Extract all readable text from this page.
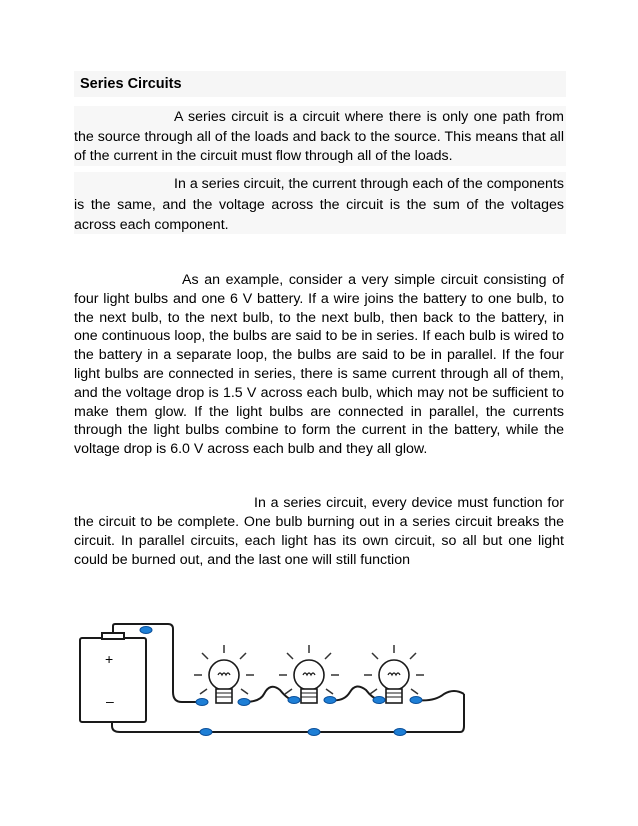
Series Circuits

A series circuit is a circuit where there is only one path from the source through all of the loads and back to the source. This means that all of the current in the circuit must flow through all of the loads.

In a series circuit, the current through each of the components is the same, and the voltage across the circuit is the sum of the voltages across each component.

As an example, consider a very simple circuit consisting of four light bulbs and one 6 V battery. If a wire joins the battery to one bulb, to the next bulb, to the next bulb, to the next bulb, then back to the battery, in one continuous loop, the bulbs are said to be in series. If each bulb is wired to the battery in a separate loop, the bulbs are said to be in parallel. If the four light bulbs are connected in series, there is same current through all of them, and the voltage drop is 1.5 V across each bulb, which may not be sufficient to make them glow. If the light bulbs are connected in parallel, the currents through the light bulbs combine to form the current in the battery, while the voltage drop is 6.0 V across each bulb and they all glow.

In a series circuit, every device must function for the circuit to be complete. One bulb burning out in a series circuit breaks the circuit. In parallel circuits, each light has its own circuit, so all but one light could be burned out, and the last one will still function

+
–
